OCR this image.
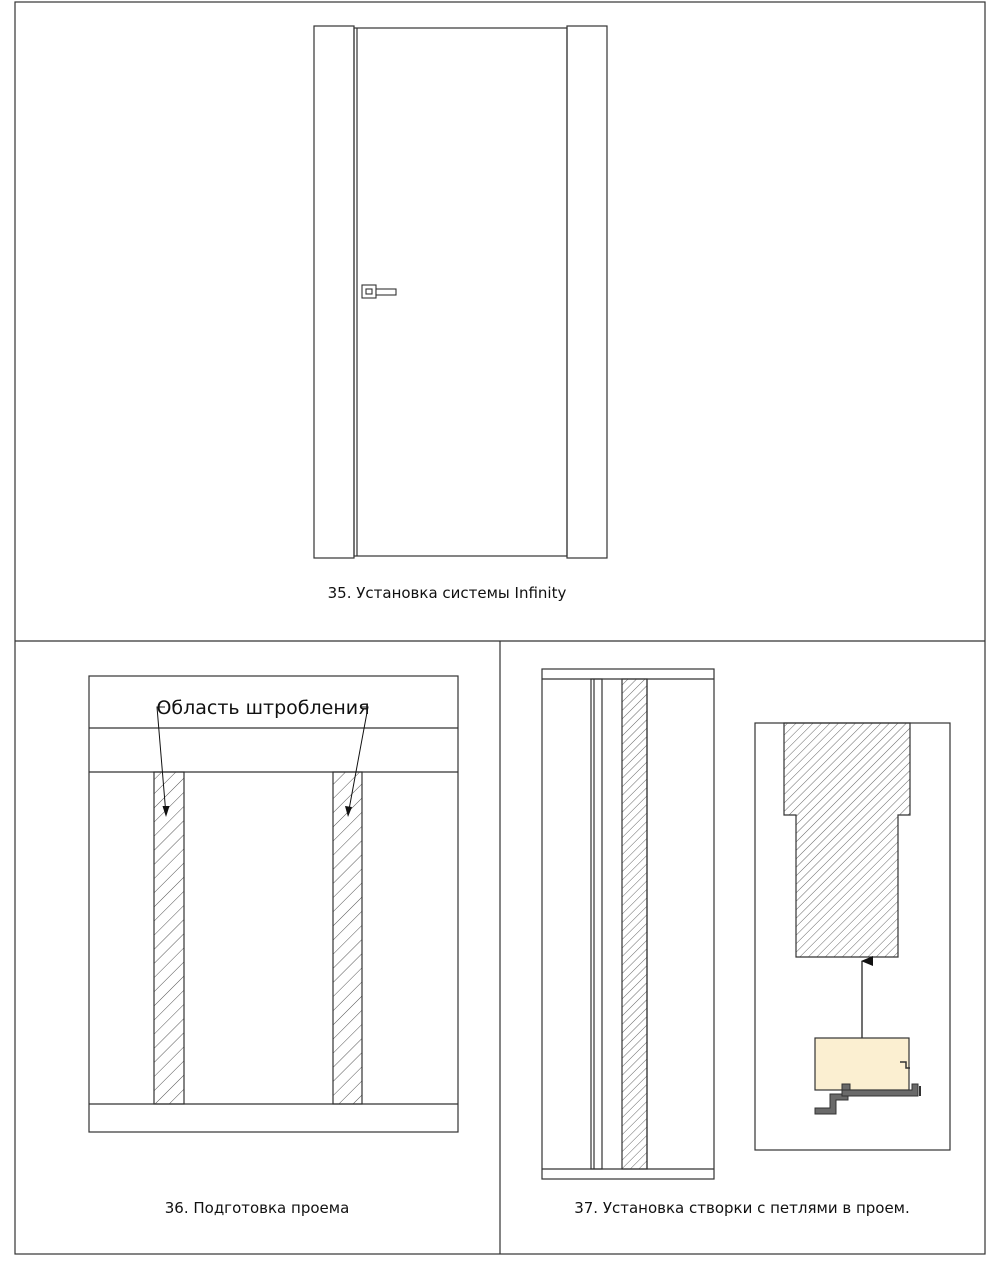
35. Установка системы Infinity
Область штробления
36. Подготовка проема	37. Установка створки с петлями в проем.
